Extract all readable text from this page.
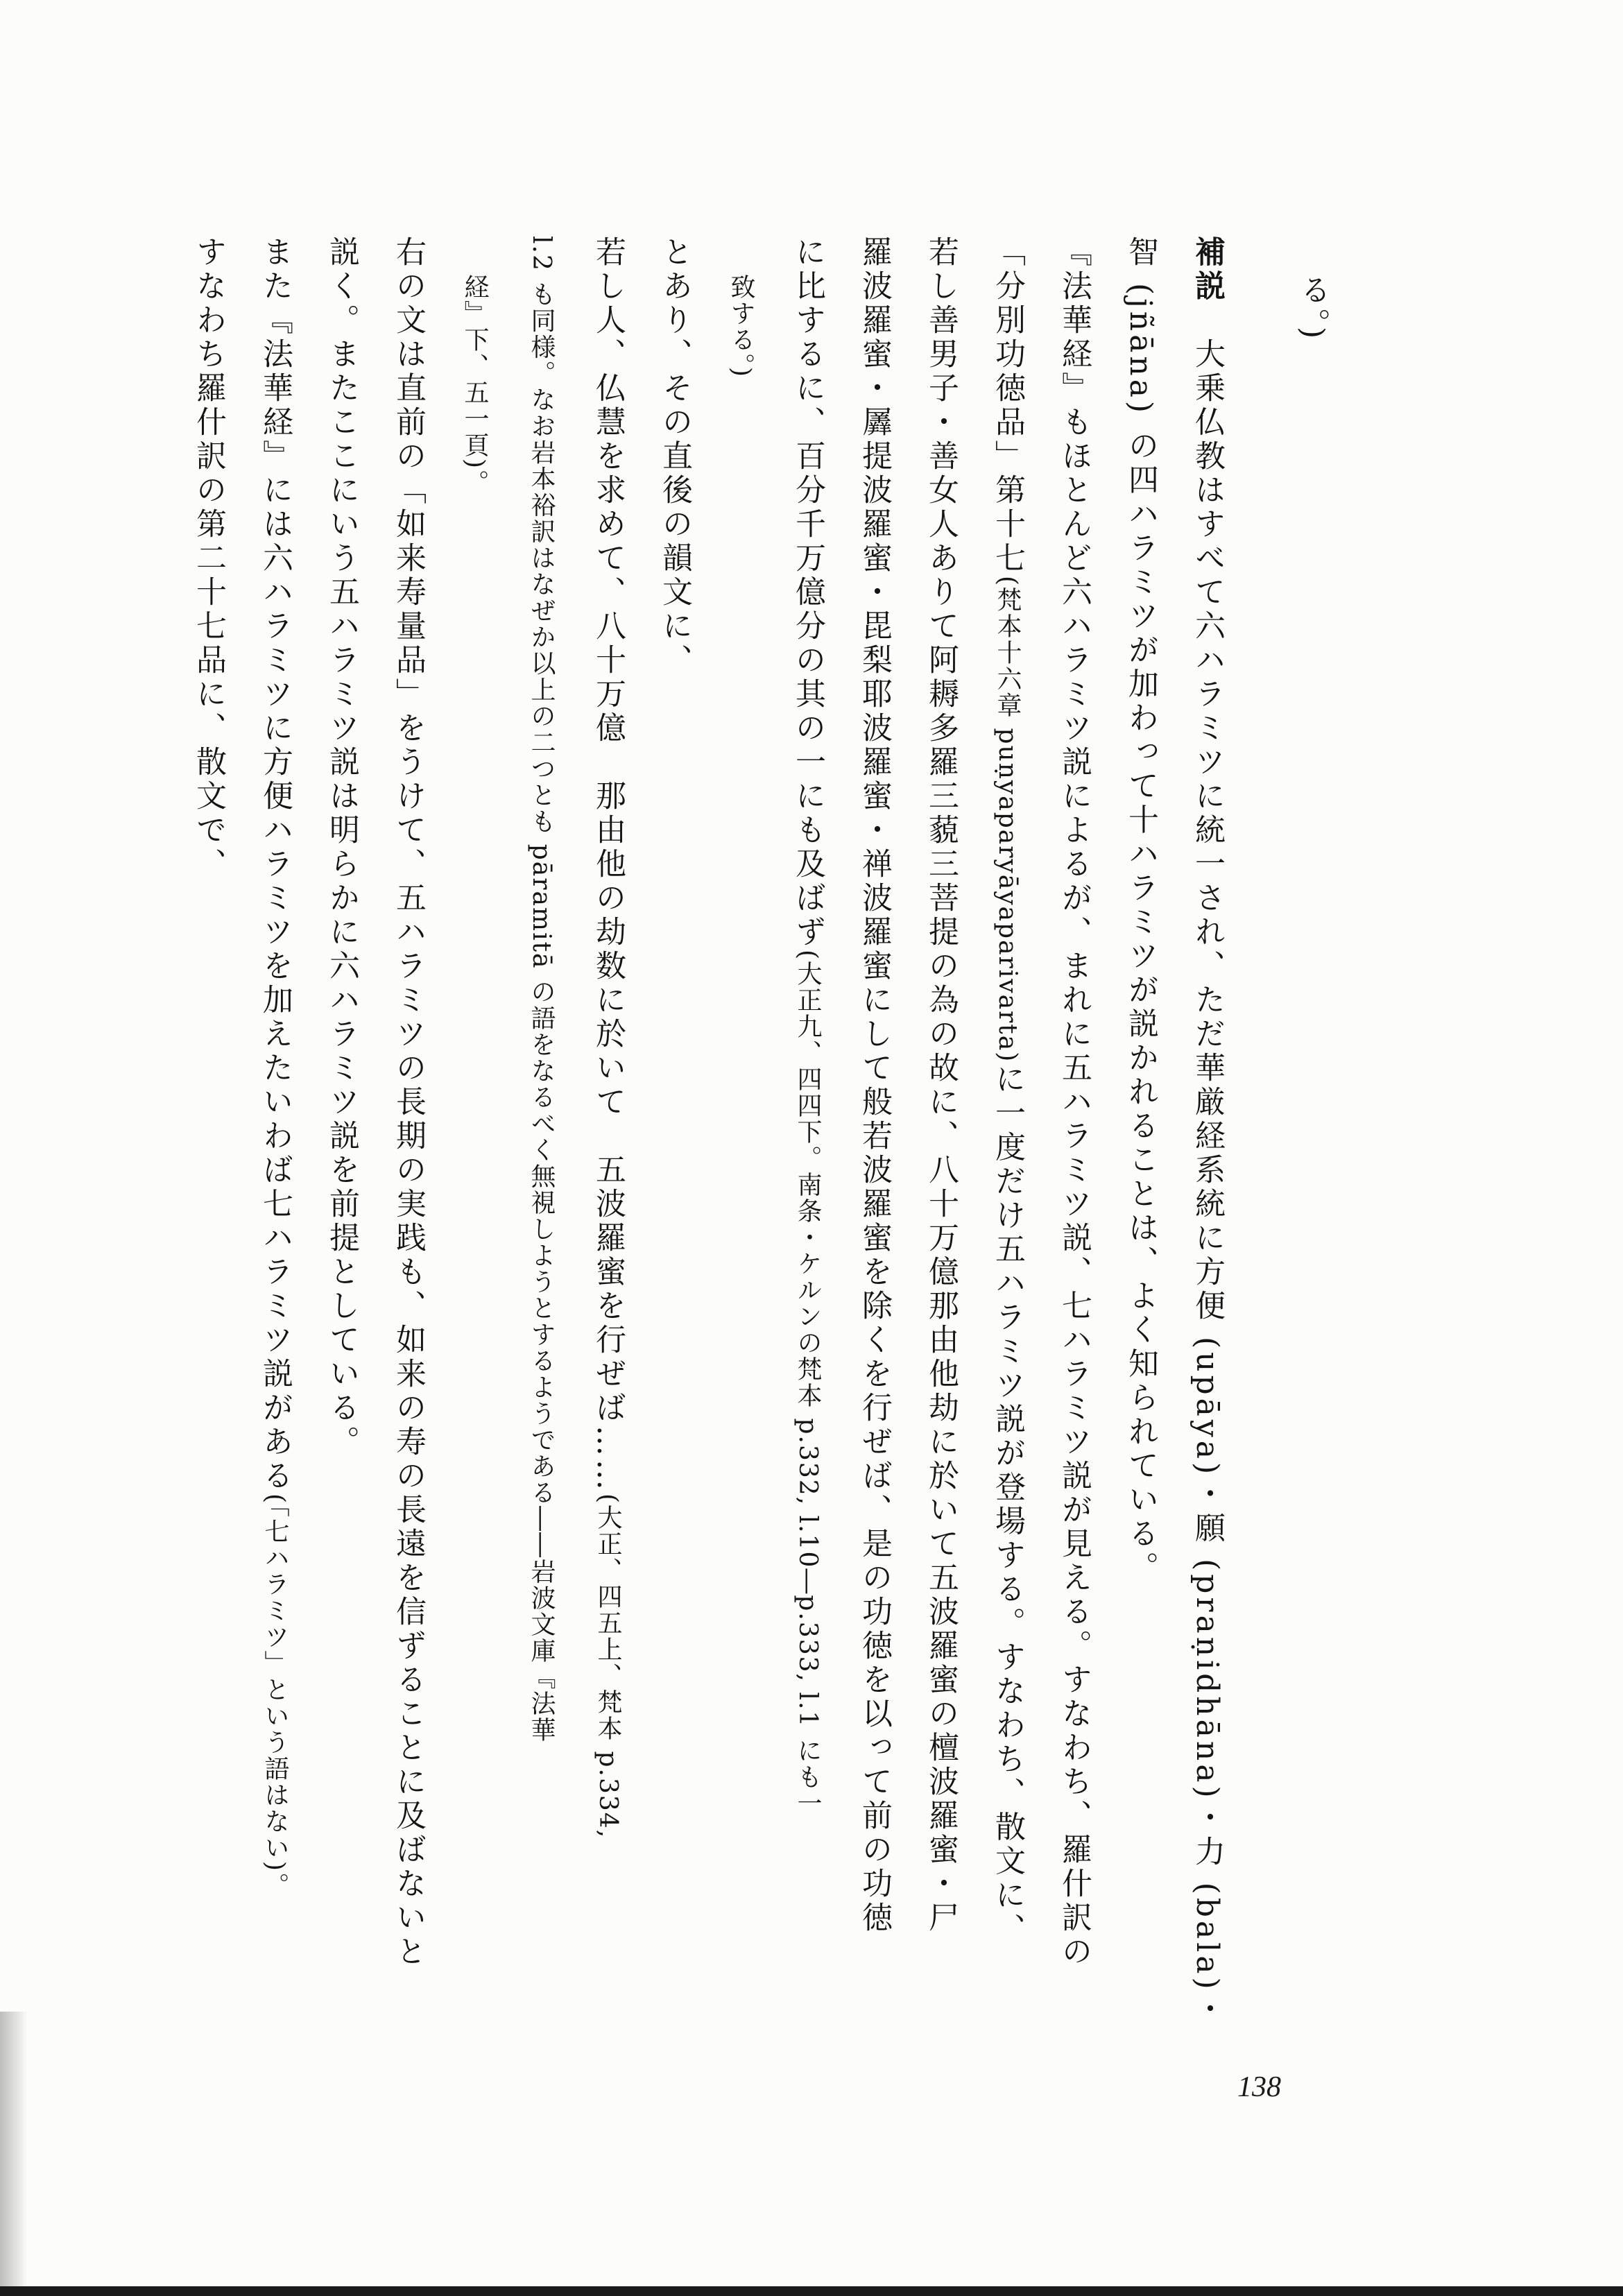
る。)
補説　大乗仏教はすべて六ハラミツに統一され、ただ華厳経系統に方便 (upāya)・願 (praṇidhāna)・力 (bala)・
智 (jñāna) の四ハラミツが加わって十ハラミツが説かれることは、よく知られている。
『法華経』もほとんど六ハラミツ説によるが、まれに五ハラミツ説、七ハラミツ説が見える。すなわち、羅什訳の
「分別功徳品」第十七(梵本十六章 puṇyaparyāyaparivarta)に一度だけ五ハラミツ説が登場する。すなわち、散文に、
若し善男子・善女人ありて阿耨多羅三藐三菩提の為の故に、八十万億那由他劫に於いて五波羅蜜の檀波羅蜜・尸
羅波羅蜜・羼提波羅蜜・毘梨耶波羅蜜・禅波羅蜜にして般若波羅蜜を除くを行ぜば、是の功徳を以って前の功徳
に比するに、百分千万億分の其の一にも及ばず(大正九、四四下。南条・ケルンの梵本 p.332, l.10―p.333, l.1 にも一
致する。)
とあり、その直後の韻文に、
若し人、仏慧を求めて、八十万億　那由他の劫数に於いて　五波羅蜜を行ぜば……(大正、四五上、梵本 p.334,
l.2 も同様。なお岩本裕訳はなぜか以上の二つとも pāramitā の語をなるべく無視しようとするようである――岩波文庫『法華
経』下、五一頁)。
右の文は直前の「如来寿量品」をうけて、五ハラミツの長期の実践も、如来の寿の長遠を信ずることに及ばないと
説く。またここにいう五ハラミツ説は明らかに六ハラミツ説を前提としている。
また『法華経』には六ハラミツに方便ハラミツを加えたいわば七ハラミツ説がある(「七ハラミツ」という語はない)。
すなわち羅什訳の第二十七品に、散文で、
138
